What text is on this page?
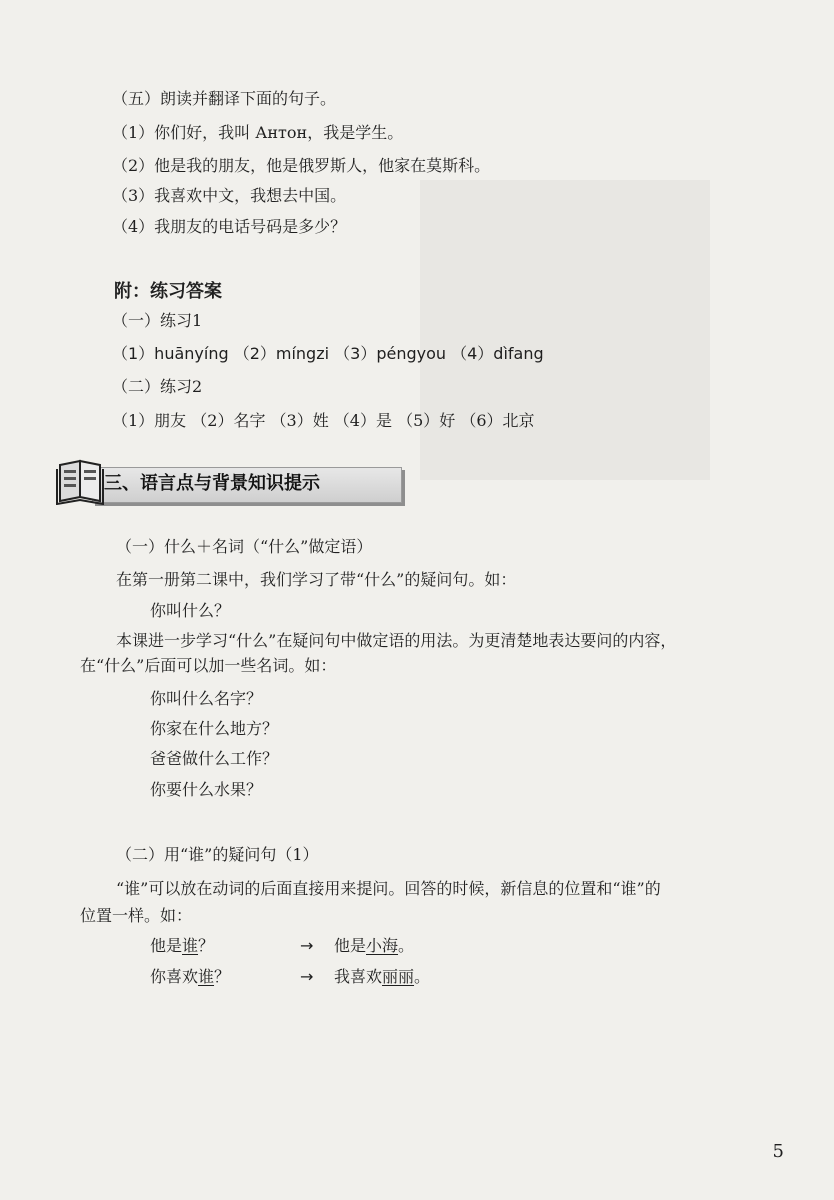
（五）朗读并翻译下面的句子。
（1）你们好，我叫 Антон，我是学生。
（2）他是我的朋友，他是俄罗斯人，他家在莫斯科。
（3）我喜欢中文，我想去中国。
（4）我朋友的电话号码是多少？
附：练习答案
（一）练习1
（1）huānyíng （2）míngzi （3）péngyou （4）dìfang
（二）练习2
（1）朋友 （2）名字 （3）姓 （4）是 （5）好 （6）北京
三、语言点与背景知识提示
（一）什么＋名词（“什么”做定语）
在第一册第二课中，我们学习了带“什么”的疑问句。如：
你叫什么？
本课进一步学习“什么”在疑问句中做定语的用法。为更清楚地表达要问的内容，
在“什么”后面可以加一些名词。如：
你叫什么名字？
你家在什么地方？
爸爸做什么工作？
你要什么水果？
（二）用“谁”的疑问句（1）
“谁”可以放在动词的后面直接用来提问。回答的时候，新信息的位置和“谁”的
位置一样。如：
他是谁？	→ 他是小海。
你喜欢谁？	→ 我喜欢丽丽。
5
